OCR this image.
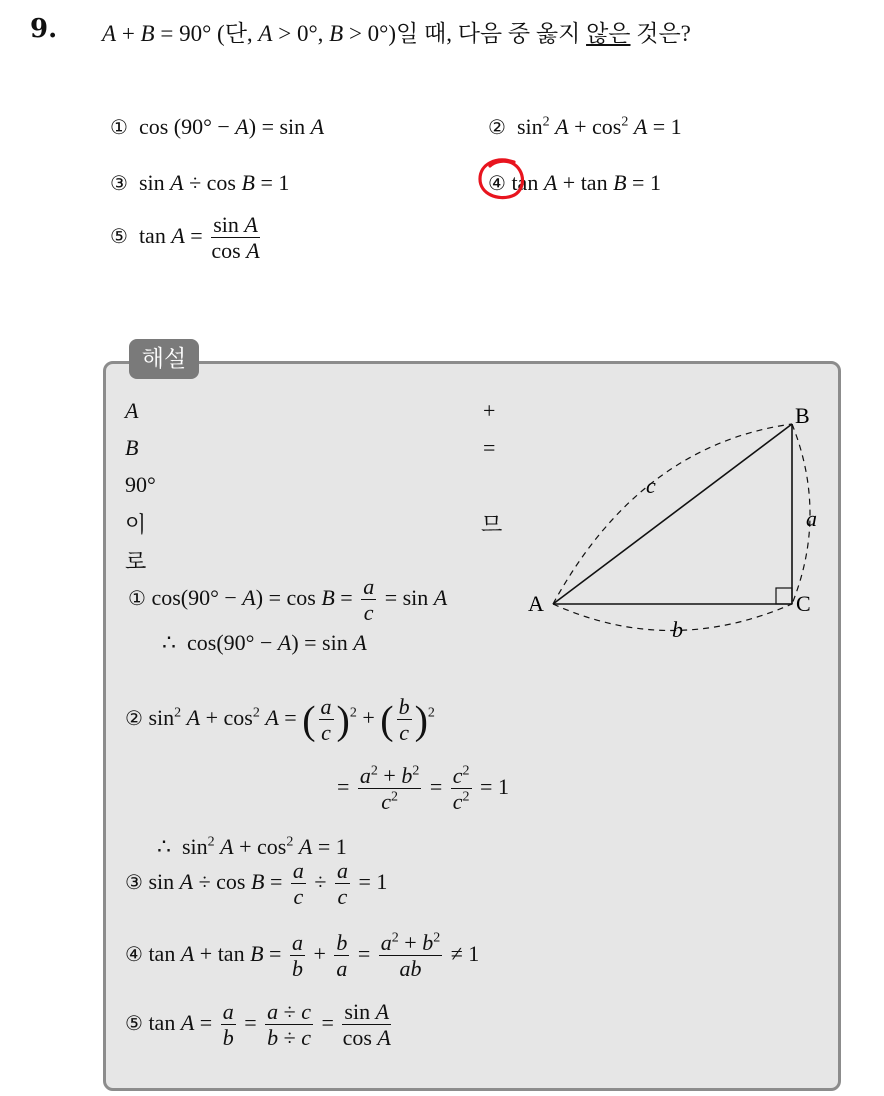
9. A + B = 90° (단, A > 0°, B > 0°)일 때, 다음 중 옳지 않은 것은?
①  cos (90° − A) = sin A	②  $\sin^2 A + \cos^2 A = 1$
③  sin A ÷ cos B = 1	④ tan A + tan B = 1
⑤  $\tan A = \frac{\text{sin A}}{\text{cos A}}$
해설
A
B
90°
이
로
+
=
므
A
B
C
a
b
c
① $\cos(90^\circ - A) = \cos B = \frac{a}{c} = \sin A$
∴  cos(90° − A) = sin A
② $\sin^2 A + \cos^2 A$ = ( $\frac{a}{c} )^2$ + ( $\frac{b}{c} )^2$
= $\frac{a^2 + b^2}{c^2} = \frac{c^2}{c^2} = 1$
∴  $\sin^2 A + \cos^2 A = 1$
③ $\sin A \div \cos B = \frac{a}{c} \div \frac{a}{c} = 1$
④ $\tan A + \tan B = \frac{a}{b} + \frac{b}{a} = \frac{a^2 + b^2}{ab} \ne 1$
⑤ $\tan A = \frac{a}{b} = \frac{a \div c}{b \div c} = \frac{\text{sin A}}{\text{cos A}}$
